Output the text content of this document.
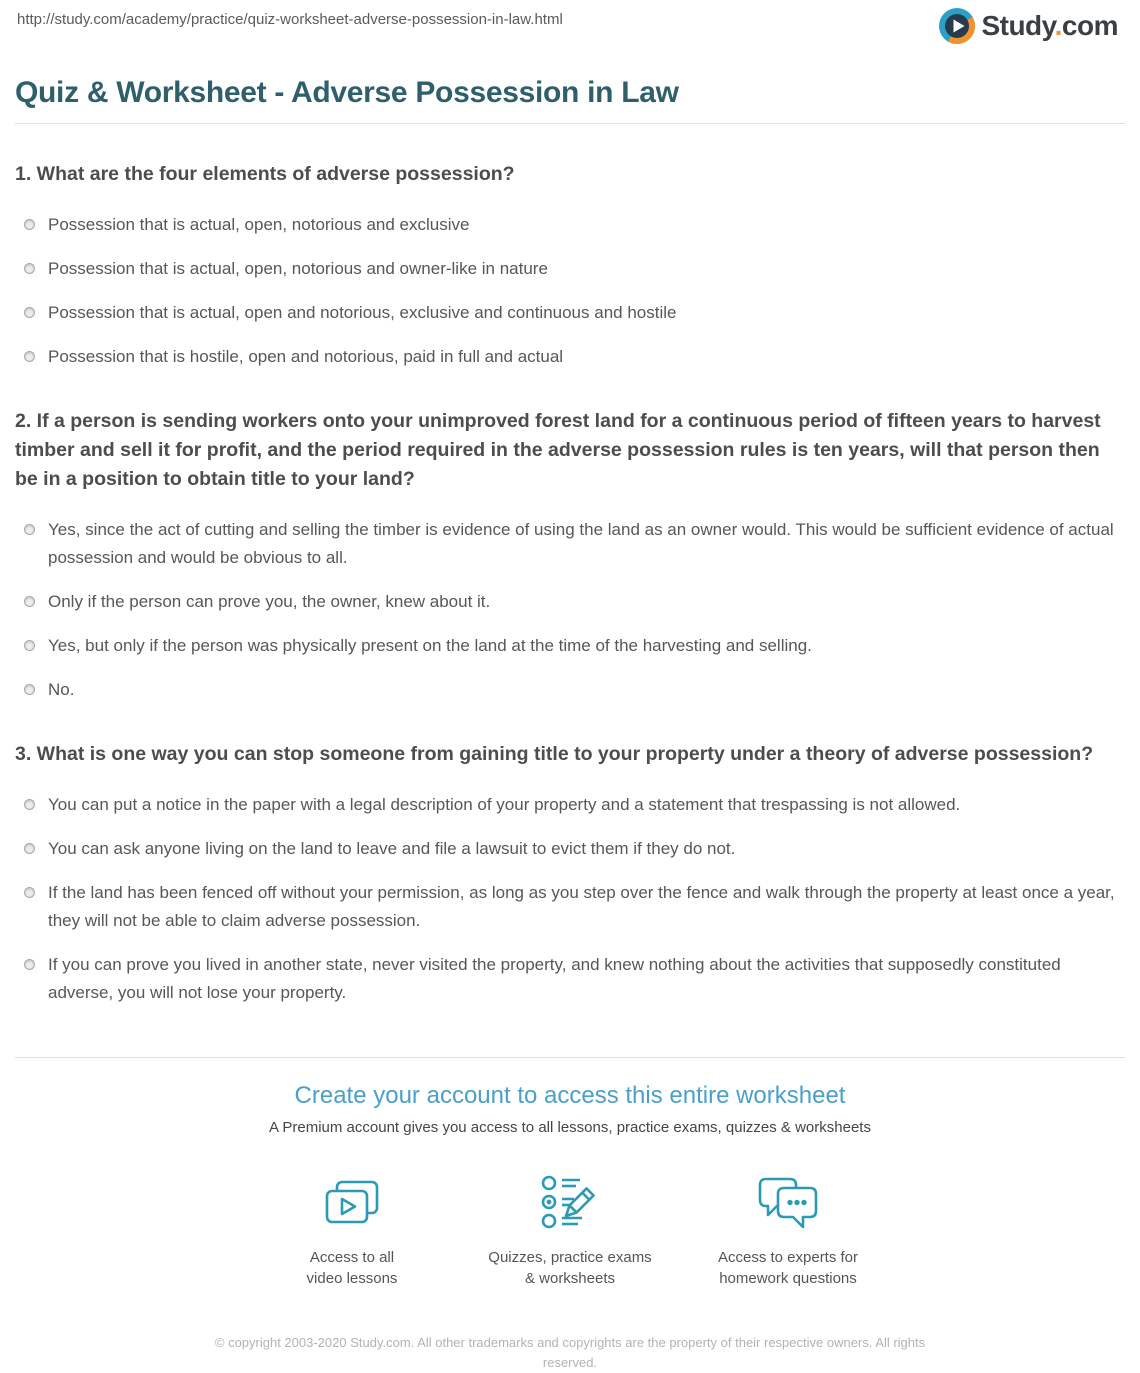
http://study.com/academy/practice/quiz-worksheet-adverse-possession-in-law.html	Study.com
Quiz & Worksheet - Adverse Possession in Law
1. What are the four elements of adverse possession?
Possession that is actual, open, notorious and exclusive
Possession that is actual, open, notorious and owner-like in nature
Possession that is actual, open and notorious, exclusive and continuous and hostile
Possession that is hostile, open and notorious, paid in full and actual
2. If a person is sending workers onto your unimproved forest land for a continuous period of fifteen years to harvest timber and sell it for profit, and the period required in the adverse possession rules is ten years, will that person then be in a position to obtain title to your land?
Yes, since the act of cutting and selling the timber is evidence of using the land as an owner would. This would be sufficient evidence of actual possession and would be obvious to all.
Only if the person can prove you, the owner, knew about it.
Yes, but only if the person was physically present on the land at the time of the harvesting and selling.
No.
3. What is one way you can stop someone from gaining title to your property under a theory of adverse possession?
You can put a notice in the paper with a legal description of your property and a statement that trespassing is not allowed.
You can ask anyone living on the land to leave and file a lawsuit to evict them if they do not.
If the land has been fenced off without your permission, as long as you step over the fence and walk through the property at least once a year, they will not be able to claim adverse possession.
If you can prove you lived in another state, never visited the property, and knew nothing about the activities that supposedly constituted adverse, you will not lose your property.
Create your account to access this entire worksheet

A Premium account gives you access to all lessons, practice exams, quizzes & worksheets

Access to all
video lessons
Quizzes, practice exams
& worksheets
Access to experts for
homework questions

© copyright 2003-2020 Study.com. All other trademarks and copyrights are the property of their respective owners. All rights reserved.
